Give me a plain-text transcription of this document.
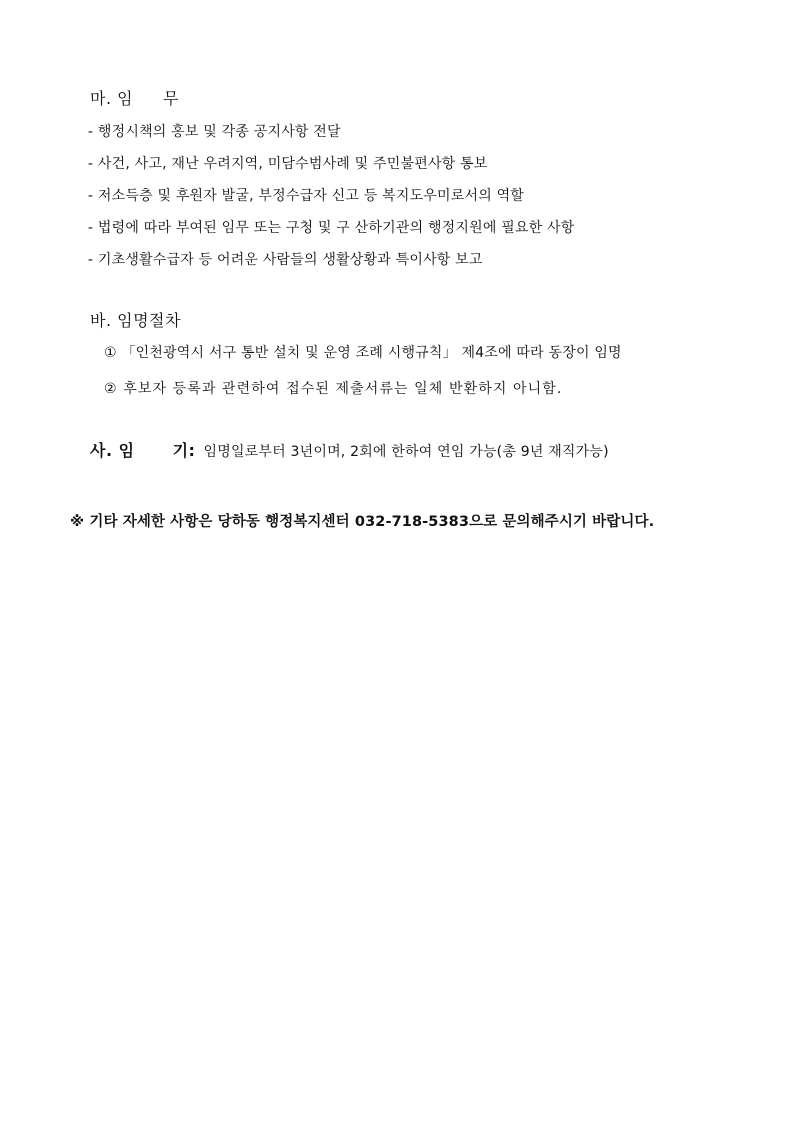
마. 임 무
- 행정시책의 홍보 및 각종 공지사항 전달
- 사건, 사고, 재난 우려지역, 미담수범사례 및 주민불편사항 통보
- 저소득층 및 후원자 발굴, 부정수급자 신고 등 복지도우미로서의 역할
- 법령에 따라 부여된 임무 또는 구청 및 구 산하기관의 행정지원에 필요한 사항
- 기초생활수급자 등 어려운 사람들의 생활상황과 특이사항 보고
바. 임명절차
① 「인천광역시 서구 통반 설치 및 운영 조례 시행규칙」 제4조에 따라 동장이 임명
② 후보자 등록과 관련하여 접수된 제출서류는 일체 반환하지 아니함.
사. 임 기: 임명일로부터 3년이며, 2회에 한하여 연임 가능(총 9년 재직가능)
※ 기타 자세한 사항은 당하동 행정복지센터 032-718-5383으로 문의해주시기 바랍니다.
